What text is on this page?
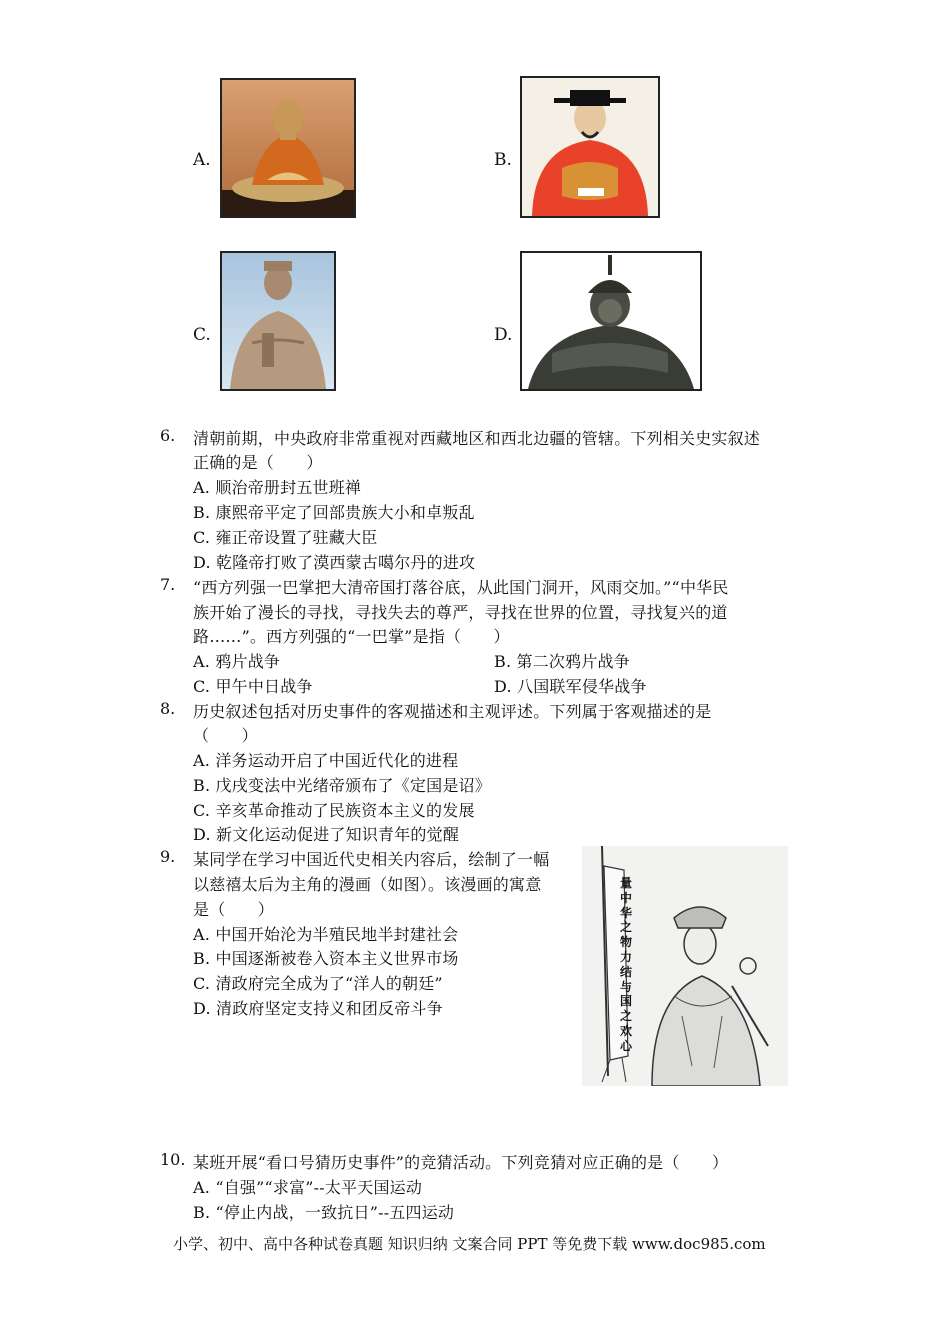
A.	B.
C.	D.
6. 清朝前期，中央政府非常重视对西藏地区和西北边疆的管辖。下列相关史实叙述
正确的是（　　）
A. 顺治帝册封五世班禅
B. 康熙帝平定了回部贵族大小和卓叛乱
C. 雍正帝设置了驻藏大臣
D. 乾隆帝打败了漠西蒙古噶尔丹的进攻
7. “西方列强一巴掌把大清帝国打落谷底，从此国门洞开，风雨交加。”“中华民
族开始了漫长的寻找，寻找失去的尊严，寻找在世界的位置，寻找复兴的道
路……”。西方列强的“一巴掌”是指（　　）
A. 鸦片战争	B. 第二次鸦片战争
C. 甲午中日战争	D. 八国联军侵华战争
8. 历史叙述包括对历史事件的客观描述和主观评述。下列属于客观描述的是
（　　）
A. 洋务运动开启了中国近代化的进程
B. 戊戌变法中光绪帝颁布了《定国是诏》
C. 辛亥革命推动了民族资本主义的发展
D. 新文化运动促进了知识青年的觉醒
9. 某同学在学习中国近代史相关内容后，绘制了一幅
以慈禧太后为主角的漫画（如图）。该漫画的寓意
是（　　）
A. 中国开始沦为半殖民地半封建社会
B. 中国逐渐被卷入资本主义世界市场
C. 清政府完全成为了“洋人的朝廷”
D. 清政府坚定支持义和团反帝斗争
量中华之物力结与国之欢心
10. 某班开展“看口号猜历史事件”的竞猜活动。下列竞猜对应正确的是（　　）
A. “自强”“求富”--太平天国运动
B. “停止内战，一致抗日”--五四运动
小学、初中、高中各种试卷真题 知识归纳 文案合同 PPT 等免费下载 www.doc985.com
